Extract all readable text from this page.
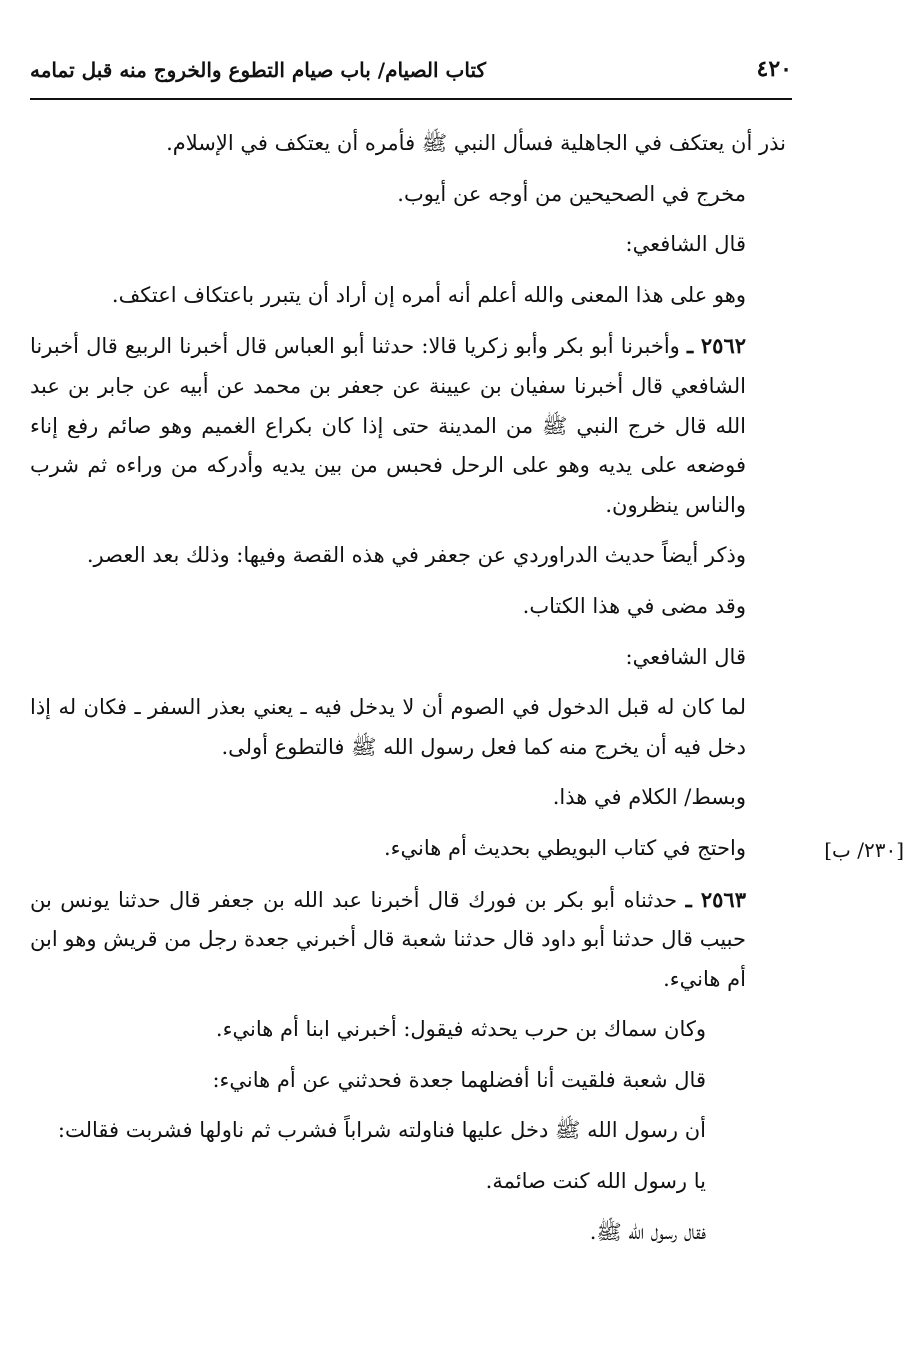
٤٢٠
كتاب الصيام/ باب صيام التطوع والخروج منه قبل تمامه
[٢٣٠/ ب]

نذر أن يعتكف في الجاهلية فسأل النبي ﷺ فأمره أن يعتكف في الإسلام.

مخرج في الصحيحين من أوجه عن أيوب.

قال الشافعي:

وهو على هذا المعنى والله أعلم أنه أمره إن أراد أن يتبرر باعتكاف اعتكف.

٢٥٦٢ ـ وأخبرنا أبو بكر وأبو زكريا قالا: حدثنا أبو العباس قال أخبرنا الربيع قال أخبرنا الشافعي قال أخبرنا سفيان بن عيينة عن جعفر بن محمد عن أبيه عن جابر بن عبد الله قال خرج النبي ﷺ من المدينة حتى إذا كان بكراع الغميم وهو صائم رفع إناء فوضعه على يديه وهو على الرحل فحبس من بين يديه وأدركه من وراءه ثم شرب والناس ينظرون.

وذكر أيضاً حديث الدراوردي عن جعفر في هذه القصة وفيها: وذلك بعد العصر.

وقد مضى في هذا الكتاب.

قال الشافعي:

لما كان له قبل الدخول في الصوم أن لا يدخل فيه ـ يعني بعذر السفر ـ فكان له إذا دخل فيه أن يخرج منه كما فعل رسول الله ﷺ فالتطوع أولى.

وبسط/ الكلام في هذا.

واحتج في كتاب البويطي بحديث أم هانيء.

٢٥٦٣ ـ حدثناه أبو بكر بن فورك قال أخبرنا عبد الله بن جعفر قال حدثنا يونس بن حبيب قال حدثنا أبو داود قال حدثنا شعبة قال أخبرني جعدة رجل من قريش وهو ابن أم هانيء.

وكان سماك بن حرب يحدثه فيقول: أخبرني ابنا أم هانيء.

قال شعبة فلقيت أنا أفضلهما جعدة فحدثني عن أم هانيء:

أن رسول الله ﷺ دخل عليها فناولته شراباً فشرب ثم ناولها فشربت فقالت:

يا رسول الله كنت صائمة.

فقال رسول الله ﷺ.
